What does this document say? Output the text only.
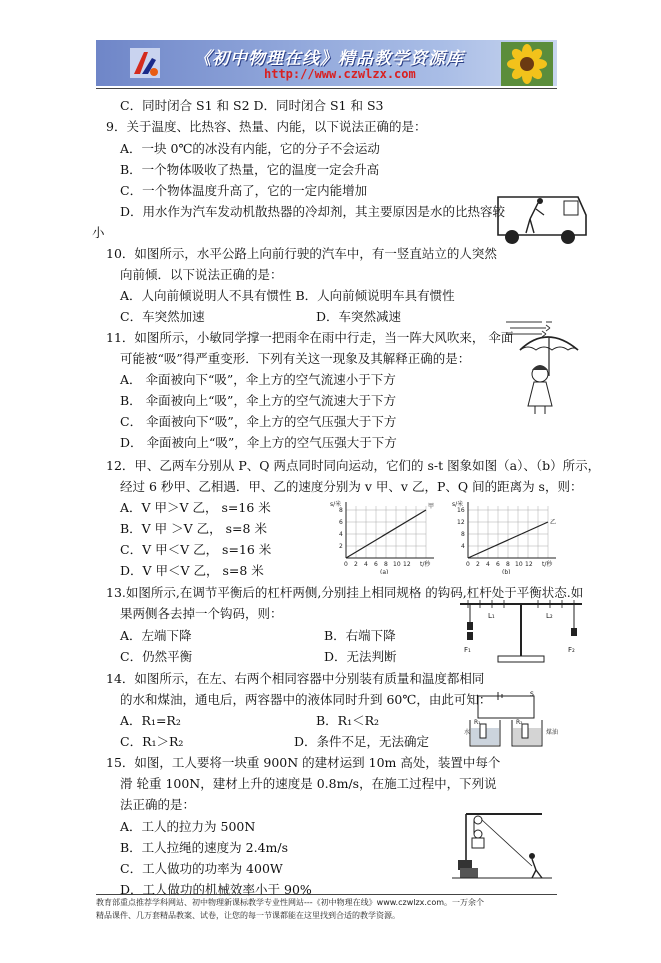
《初中物理在线》精品教学资源库
http://www.czwlzx.com
C．同时闭合 S1 和 S2 D．同时闭合 S1 和 S3
9．关于温度、比热容、热量、内能，以下说法正确的是：
A．一块 0℃的冰没有内能，它的分子不会运动
B．一个物体吸收了热量，它的温度一定会升高
C．一个物体温度升高了，它的一定内能增加
D．用水作为汽车发动机散热器的冷却剂，其主要原因是水的比热容较
小
10．如图所示，水平公路上向前行驶的汽车中，有一竖直站立的人突然
向前倾．以下说法正确的是：
A．人向前倾说明人不具有惯性 B．人向前倾说明车具有惯性
C．车突然加速	D．车突然减速
11．如图所示，小敏同学撑一把雨伞在雨中行走，当一阵大风吹来， 伞面
可能被“吸”得严重变形．下列有关这一现象及其解释正确的是：
A． 伞面被向下“吸”，伞上方的空气流速小于下方
B． 伞面被向上“吸”，伞上方的空气流速大于下方
C． 伞面被向下“吸”，伞上方的空气压强大于下方
D． 伞面被向上“吸”，伞上方的空气压强大于下方
12．甲、乙两车分别从 P、Q 两点同时同向运动，它们的 s-t 图象如图（a）、（b）所示，
经过 6 秒甲、乙相遇．甲、乙的速度分别为 v 甲、v 乙，P、Q 间的距离为 s，则：
A．V 甲＞V 乙， s=16 米
B．V 甲 ＞V 乙， s=8 米
C．V 甲＜V 乙， s=16 米
D．V 甲＜V 乙， s=8 米
13.如图所示,在调节平衡后的杠杆两侧,分别挂上相同规格 的钩码,杠杆处于平衡状态.如
果两侧各去掉一个钩码，则：
A．左端下降	B．右端下降
C．仍然平衡	D．无法判断
14．如图所示，在左、右两个相同容器中分别装有质量和温度都相同
的水和煤油，通电后，两容器中的液体同时升到 60℃，由此可知：
A．R₁=R₂	B．R₁＜R₂
C．R₁＞R₂	D．条件不足，无法确定
15．如图，工人要将一块重 900N 的建材运到 10m 高处，装置中每个
滑 轮重 100N，建材上升的速度是 0.8m/s，在施工过程中，下列说
法正确的是：
A．工人的拉力为 500N
B．工人拉绳的速度为 2.4m/s
C．工人做功的功率为 400W
D．工人做功的机械效率小于 90%
8
6
4
2
0 2 4 6 8 10 12
甲
s/米
t/秒
(a)
16
12
8
4
0 2 4 6 8 10 12
乙
s/米
t/秒
(b)
L₁	L₂
F₁	F₂
S
R₁	R₂
煤油
水
教育部重点推荐学科网站、初中物理新课标教学专业性网站---《初中物理在线》www.czwlzx.com。一万余个
精品课件、几万套精品教案、试卷，让您的每一节课都能在这里找到合适的教学资源。
